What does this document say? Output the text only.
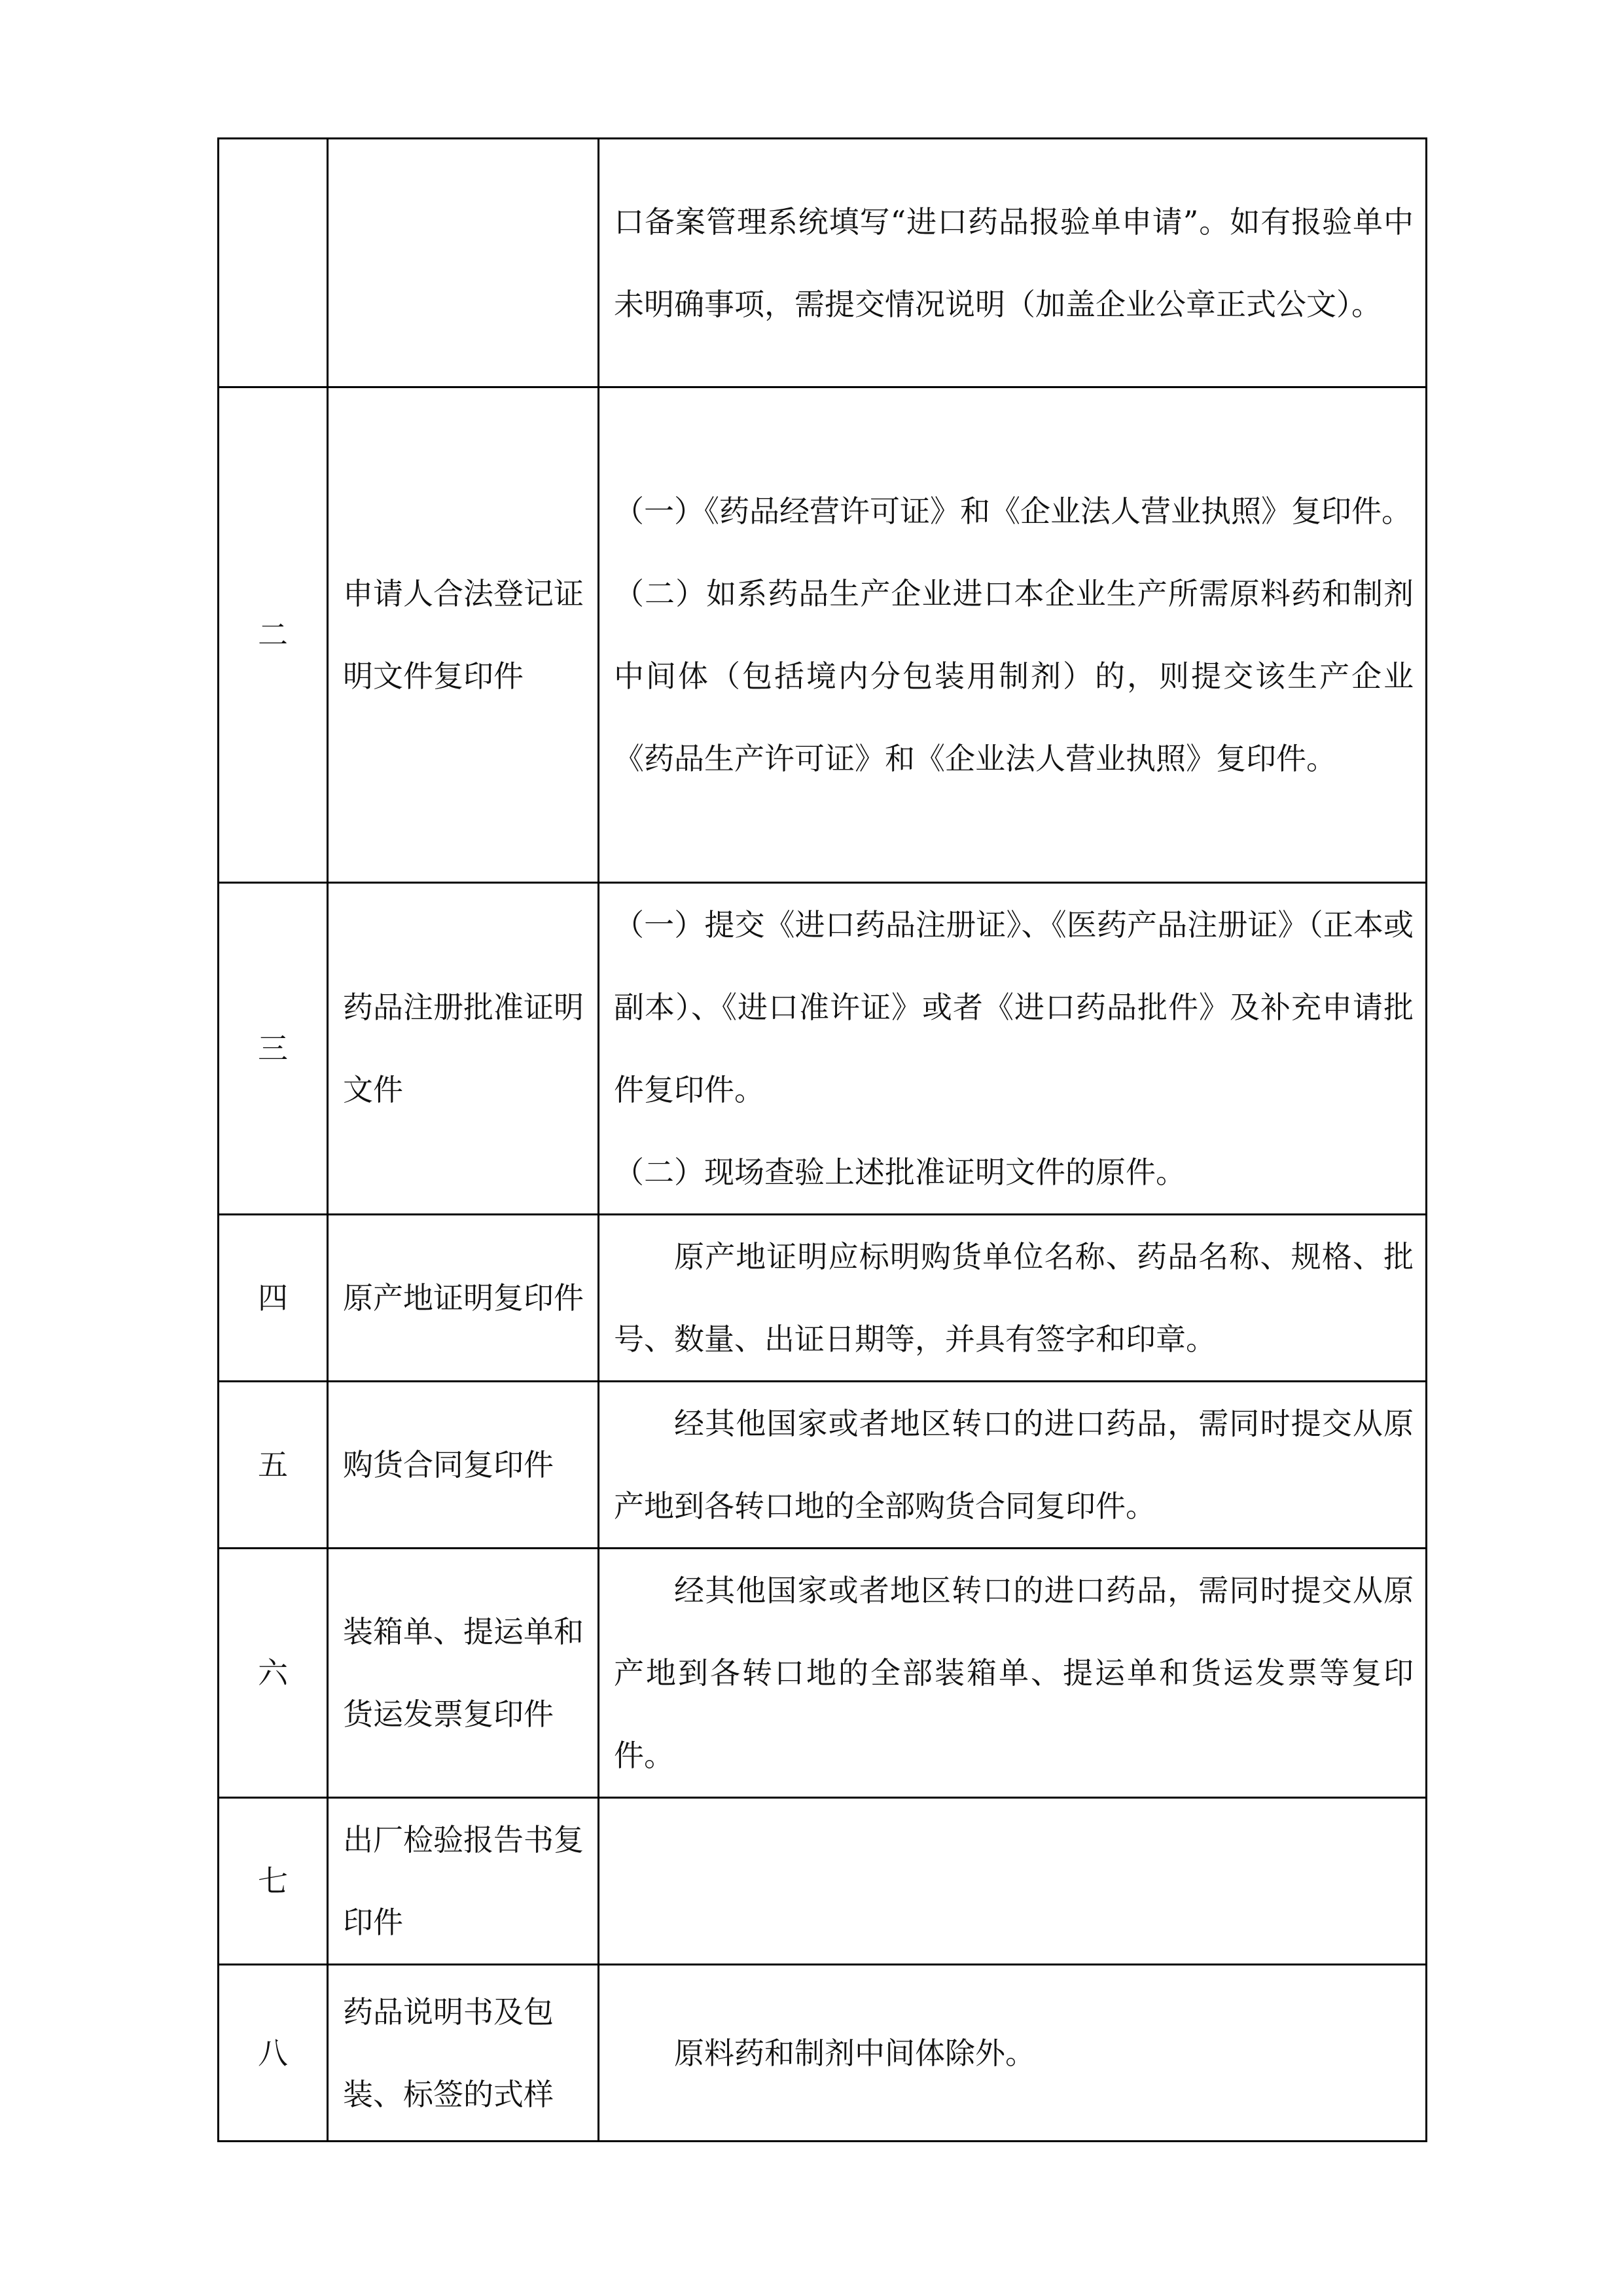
		口备案管理系统填写“进口药品报验单申请”。如有报验单中未明确事项，需提交情况说明（加盖企业公章正式公文）。

二	申请人合法登记证明文件复印件	（一）《药品经营许可证》和《企业法人营业执照》复印件。
（二）如系药品生产企业进口本企业生产所需原料药和制剂中间体（包括境内分包装用制剂）的，则提交该生产企业《药品生产许可证》和《企业法人营业执照》复印件。

三	药品注册批准证明文件	（一）提交《进口药品注册证》、《医药产品注册证》（正本或副本）、《进口准许证》或者《进口药品批件》及补充申请批件复印件。
（二）现场查验上述批准证明文件的原件。

四	原产地证明复印件	原产地证明应标明购货单位名称、药品名称、规格、批号、数量、出证日期等，并具有签字和印章。

五	购货合同复印件	经其他国家或者地区转口的进口药品，需同时提交从原产地到各转口地的全部购货合同复印件。

六	装箱单、提运单和货运发票复印件	经其他国家或者地区转口的进口药品，需同时提交从原产地到各转口地的全部装箱单、提运单和货运发票等复印件。

七	出厂检验报告书复印件	

八	药品说明书及包装、标签的式样	原料药和制剂中间体除外。
